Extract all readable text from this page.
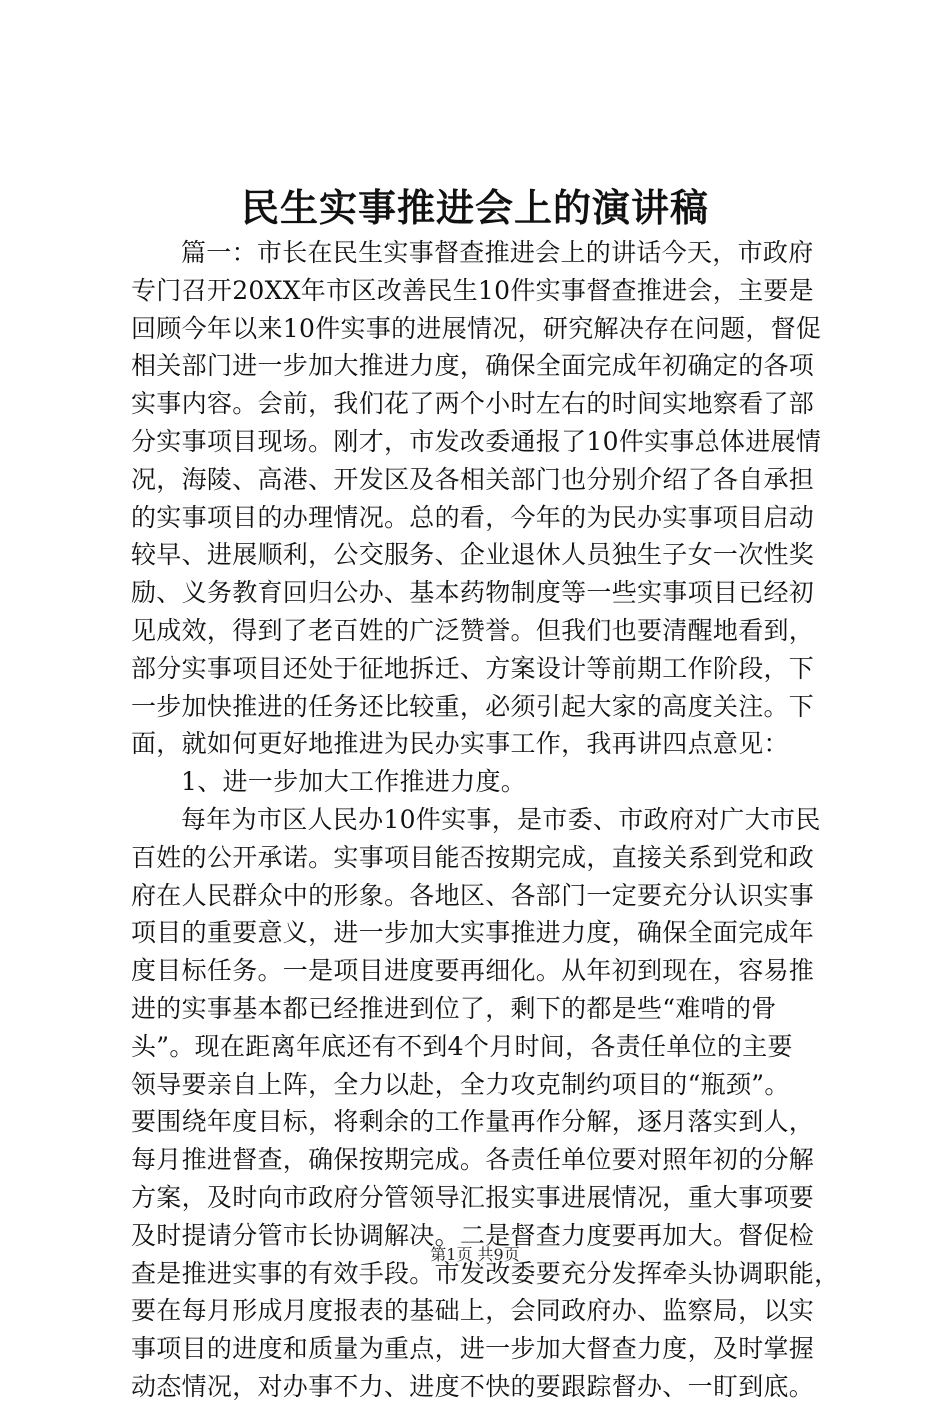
民生实事推进会上的演讲稿
篇一：市长在民生实事督查推进会上的讲话今天，市政府
专门召开20XX年市区改善民生10件实事督查推进会，主要是
回顾今年以来10件实事的进展情况，研究解决存在问题，督促
相关部门进一步加大推进力度，确保全面完成年初确定的各项
实事内容。会前，我们花了两个小时左右的时间实地察看了部
分实事项目现场。刚才，市发改委通报了10件实事总体进展情
况，海陵、高港、开发区及各相关部门也分别介绍了各自承担
的实事项目的办理情况。总的看，今年的为民办实事项目启动
较早、进展顺利，公交服务、企业退休人员独生子女一次性奖
励、义务教育回归公办、基本药物制度等一些实事项目已经初
见成效，得到了老百姓的广泛赞誉。但我们也要清醒地看到，
部分实事项目还处于征地拆迁、方案设计等前期工作阶段，下
一步加快推进的任务还比较重，必须引起大家的高度关注。下
面，就如何更好地推进为民办实事工作，我再讲四点意见：
1、进一步加大工作推进力度。
每年为市区人民办10件实事，是市委、市政府对广大市民
百姓的公开承诺。实事项目能否按期完成，直接关系到党和政
府在人民群众中的形象。各地区、各部门一定要充分认识实事
项目的重要意义，进一步加大实事推进力度，确保全面完成年
度目标任务。一是项目进度要再细化。从年初到现在，容易推
进的实事基本都已经推进到位了，剩下的都是些“难啃的骨
头”。现在距离年底还有不到4个月时间，各责任单位的主要
领导要亲自上阵，全力以赴，全力攻克制约项目的“瓶颈”。
要围绕年度目标，将剩余的工作量再作分解，逐月落实到人，
每月推进督查，确保按期完成。各责任单位要对照年初的分解
方案，及时向市政府分管领导汇报实事进展情况，重大事项要
及时提请分管市长协调解决。二是督查力度要再加大。督促检
查是推进实事的有效手段。市发改委要充分发挥牵头协调职能，
要在每月形成月度报表的基础上，会同政府办、监察局，以实
事项目的进度和质量为重点，进一步加大督查力度，及时掌握
动态情况，对办事不力、进度不快的要跟踪督办、一盯到底。
第1页 共9页
